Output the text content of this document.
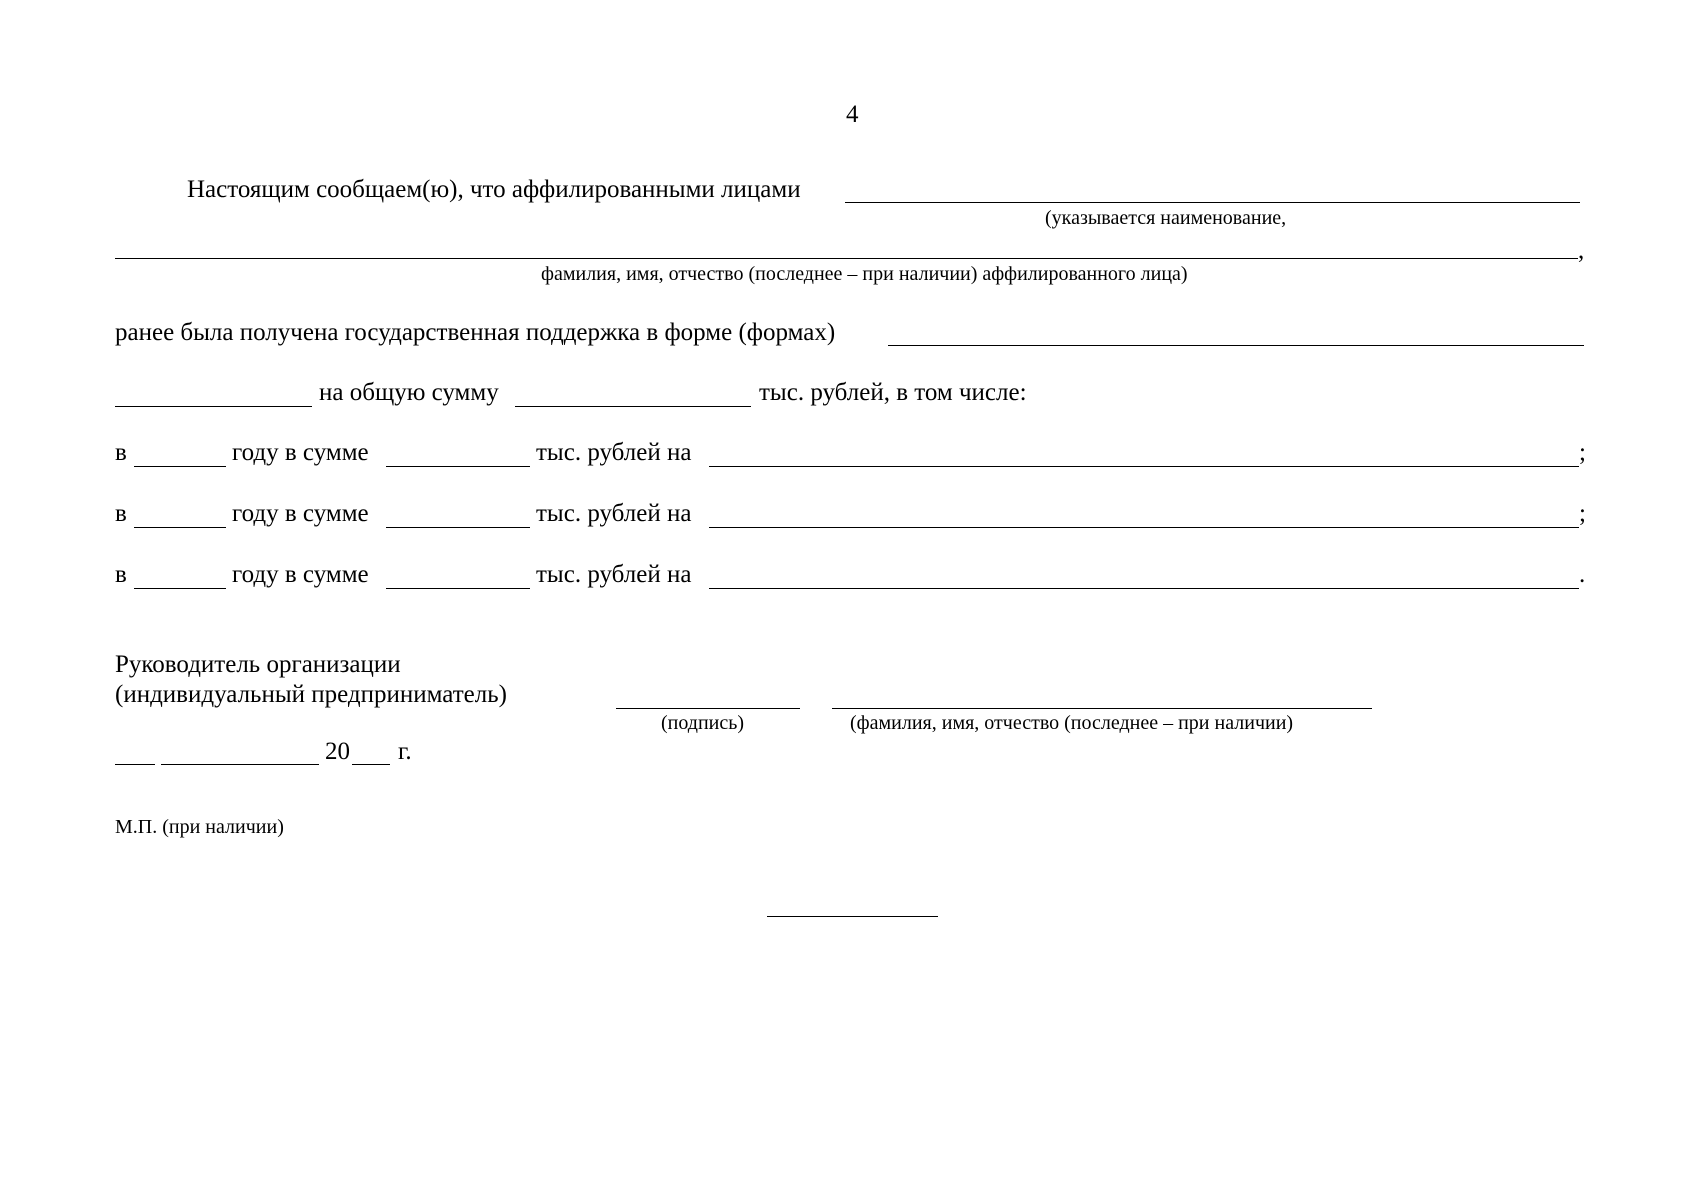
4
Настоящим сообщаем(ю), что аффилированными лицами
(указывается наименование,
,
фамилия, имя, отчество (последнее – при наличии) аффилированного лица)
ранее была получена государственная поддержка в форме (формах)
на общую сумму	тыс. рублей, в том числе:
в	году в сумме	тыс. рублей на	;
в	году в сумме	тыс. рублей на	;
в	году в сумме	тыс. рублей на	.
Руководитель организации
(индивидуальный предприниматель)
(подпись)	(фамилия, имя, отчество (последнее – при наличии)
20 г.
М.П. (при наличии)
